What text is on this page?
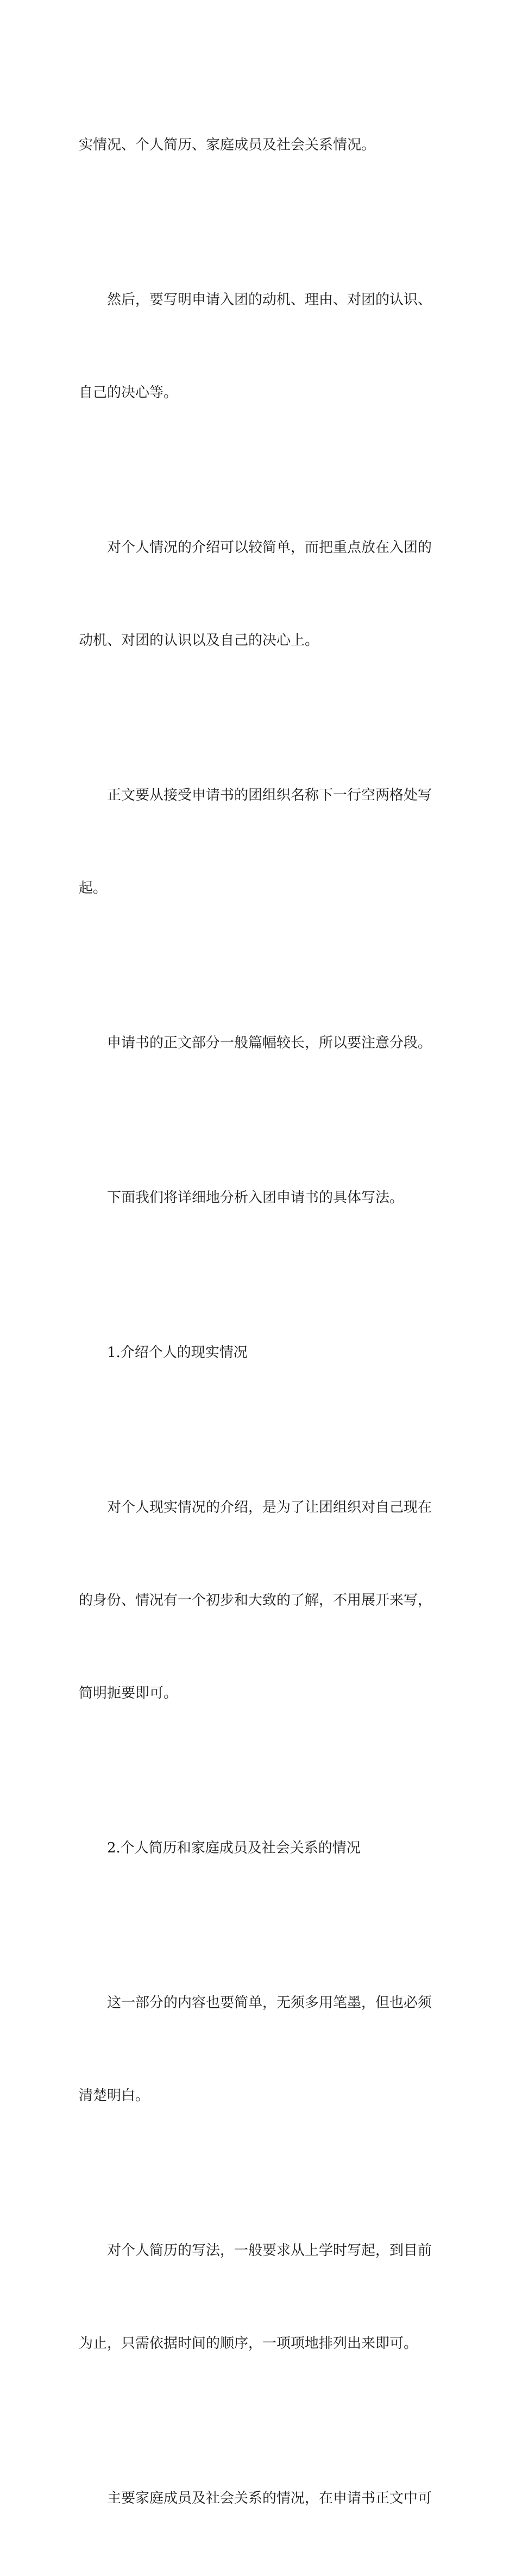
实情况、个人简历、家庭成员及社会关系情况。

然后，要写明申请入团的动机、理由、对团的认识、

自己的决心等。

对个人情况的介绍可以较简单，而把重点放在入团的

动机、对团的认识以及自己的决心上。

正文要从接受申请书的团组织名称下一行空两格处写

起。

申请书的正文部分一般篇幅较长，所以要注意分段。

下面我们将详细地分析入团申请书的具体写法。

1.介绍个人的现实情况

对个人现实情况的介绍，是为了让团组织对自己现在

的身份、情况有一个初步和大致的了解，不用展开来写，

简明扼要即可。

2.个人简历和家庭成员及社会关系的情况

这一部分的内容也要简单，无须多用笔墨，但也必须

清楚明白。

对个人简历的写法，一般要求从上学时写起，到目前

为止，只需依据时间的顺序，一项项地排列出来即可。

主要家庭成员及社会关系的情况，在申请书正文中可
